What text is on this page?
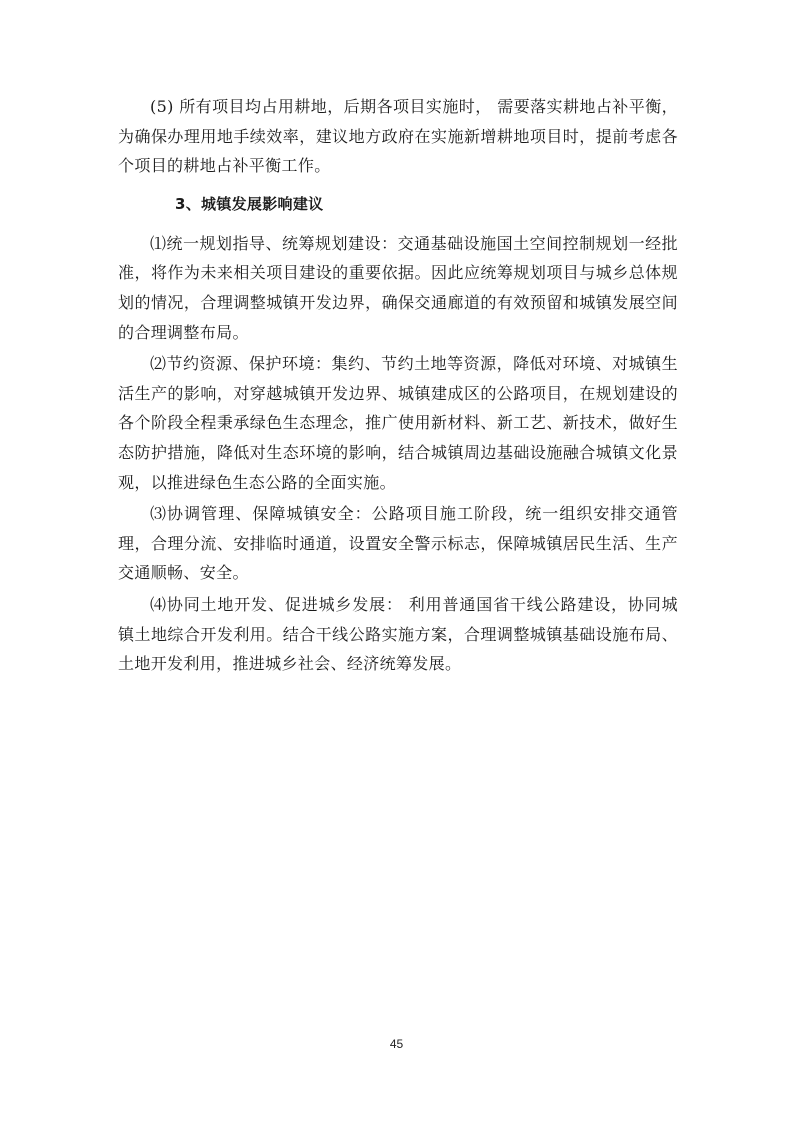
(5) 所有项目均占用耕地，后期各项目实施时， 需要落实耕地占补平衡，为确保办理用地手续效率，建议地方政府在实施新增耕地项目时，提前考虑各个项目的耕地占补平衡工作。

3、城镇发展影响建议

⑴统一规划指导、统筹规划建设：交通基础设施国土空间控制规划一经批准，将作为未来相关项目建设的重要依据。因此应统筹规划项目与城乡总体规划的情况，合理调整城镇开发边界，确保交通廊道的有效预留和城镇发展空间的合理调整布局。

⑵节约资源、保护环境：集约、节约土地等资源，降低对环境、对城镇生活生产的影响，对穿越城镇开发边界、城镇建成区的公路项目，在规划建设的各个阶段全程秉承绿色生态理念，推广使用新材料、新工艺、新技术，做好生态防护措施，降低对生态环境的影响，结合城镇周边基础设施融合城镇文化景观，以推进绿色生态公路的全面实施。

⑶协调管理、保障城镇安全：公路项目施工阶段，统一组织安排交通管理，合理分流、安排临时通道，设置安全警示标志，保障城镇居民生活、生产交通顺畅、安全。

⑷协同土地开发、促进城乡发展： 利用普通国省干线公路建设，协同城镇土地综合开发利用。结合干线公路实施方案，合理调整城镇基础设施布局、土地开发利用，推进城乡社会、经济统筹发展。

45
